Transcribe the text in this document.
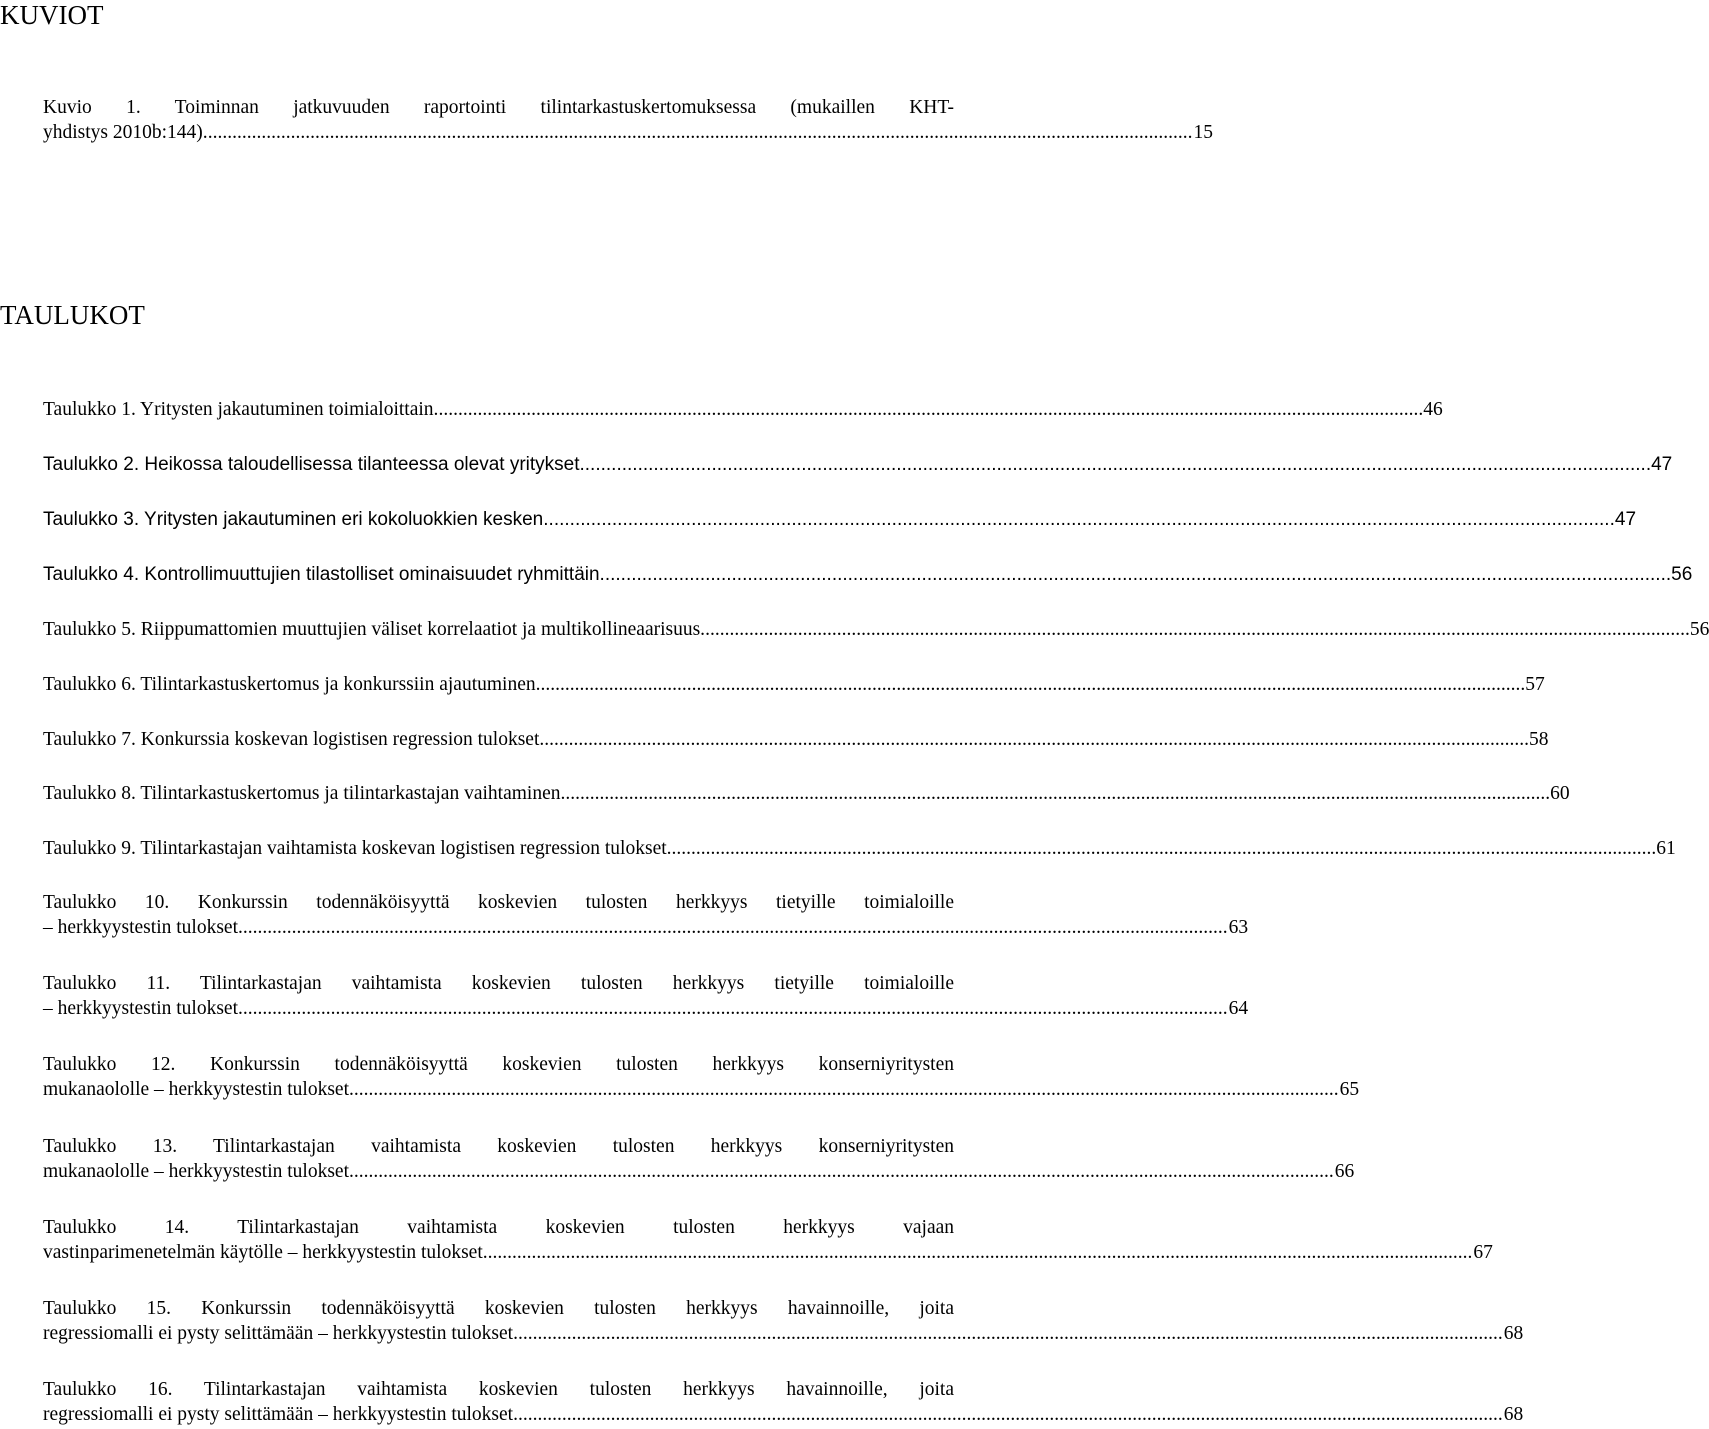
KUVIOT
Kuvio 1. Toiminnan jatkuvuuden raportointi tilintarkastuskertomuksessa (mukaillen KHT-
yhdistys 2010b:144). .......................................................................................................................................................................................................... 15
TAULUKOT
Taulukko 1. Yritysten jakautuminen toimialoittain. .......................................................................................................................................................................................................... 46
Taulukko 2. Heikossa taloudellisessa tilanteessa olevat yritykset. .......................................................................................................................................................................................................... 47
Taulukko 3. Yritysten jakautuminen eri kokoluokkien kesken. .......................................................................................................................................................................................................... 47
Taulukko 4. Kontrollimuuttujien tilastolliset ominaisuudet ryhmittäin. .......................................................................................................................................................................................................... 56
Taulukko 5. Riippumattomien muuttujien väliset korrelaatiot ja multikollineaarisuus. .......................................................................................................................................................................................................... 56
Taulukko 6. Tilintarkastuskertomus ja konkurssiin ajautuminen. .......................................................................................................................................................................................................... 57
Taulukko 7. Konkurssia koskevan logistisen regression tulokset. .......................................................................................................................................................................................................... 58
Taulukko 8. Tilintarkastuskertomus ja tilintarkastajan vaihtaminen. .......................................................................................................................................................................................................... 60
Taulukko 9. Tilintarkastajan vaihtamista koskevan logistisen regression tulokset. .......................................................................................................................................................................................................... 61
Taulukko 10. Konkurssin todennäköisyyttä koskevien tulosten herkkyys tietyille toimialoille
– herkkyystestin tulokset. .......................................................................................................................................................................................................... 63
Taulukko 11. Tilintarkastajan vaihtamista koskevien tulosten herkkyys tietyille toimialoille
– herkkyystestin tulokset. .......................................................................................................................................................................................................... 64
Taulukko 12. Konkurssin todennäköisyyttä koskevien tulosten herkkyys konserniyritysten
mukanaololle – herkkyystestin tulokset. .......................................................................................................................................................................................................... 65
Taulukko 13. Tilintarkastajan vaihtamista koskevien tulosten herkkyys konserniyritysten
mukanaololle – herkkyystestin tulokset .......................................................................................................................................................................................................... 66
Taulukko 14. Tilintarkastajan vaihtamista koskevien tulosten herkkyys vajaan
vastinparimenetelmän käytölle – herkkyystestin tulokset. .......................................................................................................................................................................................................... 67
Taulukko 15. Konkurssin todennäköisyyttä koskevien tulosten herkkyys havainnoille, joita
regressiomalli ei pysty selittämään – herkkyystestin tulokset. .......................................................................................................................................................................................................... 68
Taulukko 16. Tilintarkastajan vaihtamista koskevien tulosten herkkyys havainnoille, joita
regressiomalli ei pysty selittämään – herkkyystestin tulokset. .......................................................................................................................................................................................................... 68
